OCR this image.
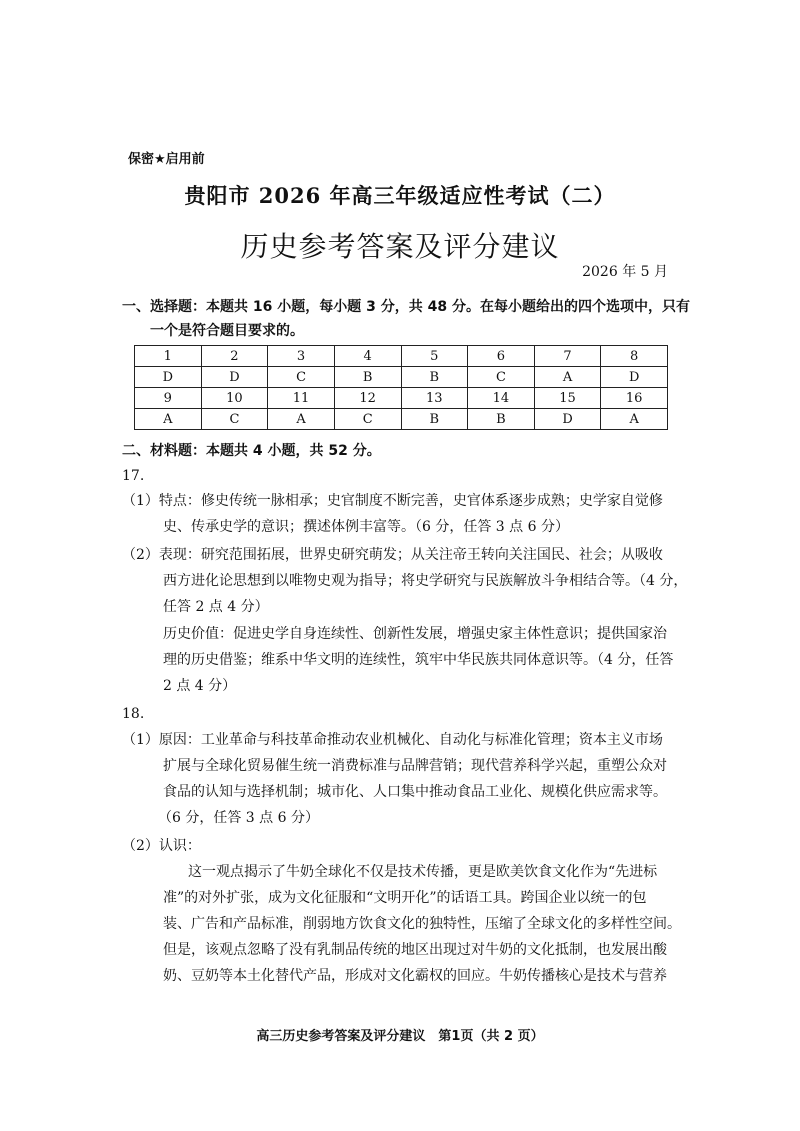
保密★启用前
贵阳市 2026 年高三年级适应性考试（二）
历史参考答案及评分建议
2026 年 5 月
一、选择题：本题共 16 小题，每小题 3 分，共 48 分。在每小题给出的四个选项中，只有
一个是符合题目要求的。
1	2	3	4	5	6	7	8
D	D	C	B	B	C	A	D
9	10	11	12	13	14	15	16
A	C	A	C	B	B	D	A
二、材料题：本题共 4 小题，共 52 分。
17.
（1）特点：修史传统一脉相承；史官制度不断完善，史官体系逐步成熟；史学家自觉修
史、传承史学的意识；撰述体例丰富等。（6 分，任答 3 点 6 分）
（2）表现：研究范围拓展，世界史研究萌发；从关注帝王转向关注国民、社会；从吸收
西方进化论思想到以唯物史观为指导；将史学研究与民族解放斗争相结合等。（4 分，
任答 2 点 4 分）
历史价值：促进史学自身连续性、创新性发展，增强史家主体性意识；提供国家治
理的历史借鉴；维系中华文明的连续性，筑牢中华民族共同体意识等。（4 分，任答
2 点 4 分）
18.
（1）原因：工业革命与科技革命推动农业机械化、自动化与标准化管理；资本主义市场
扩展与全球化贸易催生统一消费标准与品牌营销；现代营养科学兴起，重塑公众对
食品的认知与选择机制；城市化、人口集中推动食品工业化、规模化供应需求等。
（6 分，任答 3 点 6 分）
（2）认识：
这一观点揭示了牛奶全球化不仅是技术传播，更是欧美饮食文化作为“先进标
准”的对外扩张，成为文化征服和“文明开化”的话语工具。跨国企业以统一的包
装、广告和产品标准，削弱地方饮食文化的独特性，压缩了全球文化的多样性空间。
但是，该观点忽略了没有乳制品传统的地区出现过对牛奶的文化抵制，也发展出酸
奶、豆奶等本土化替代产品，形成对文化霸权的回应。牛奶传播核心是技术与营养
高三历史参考答案及评分建议　第1页（共 2 页）
